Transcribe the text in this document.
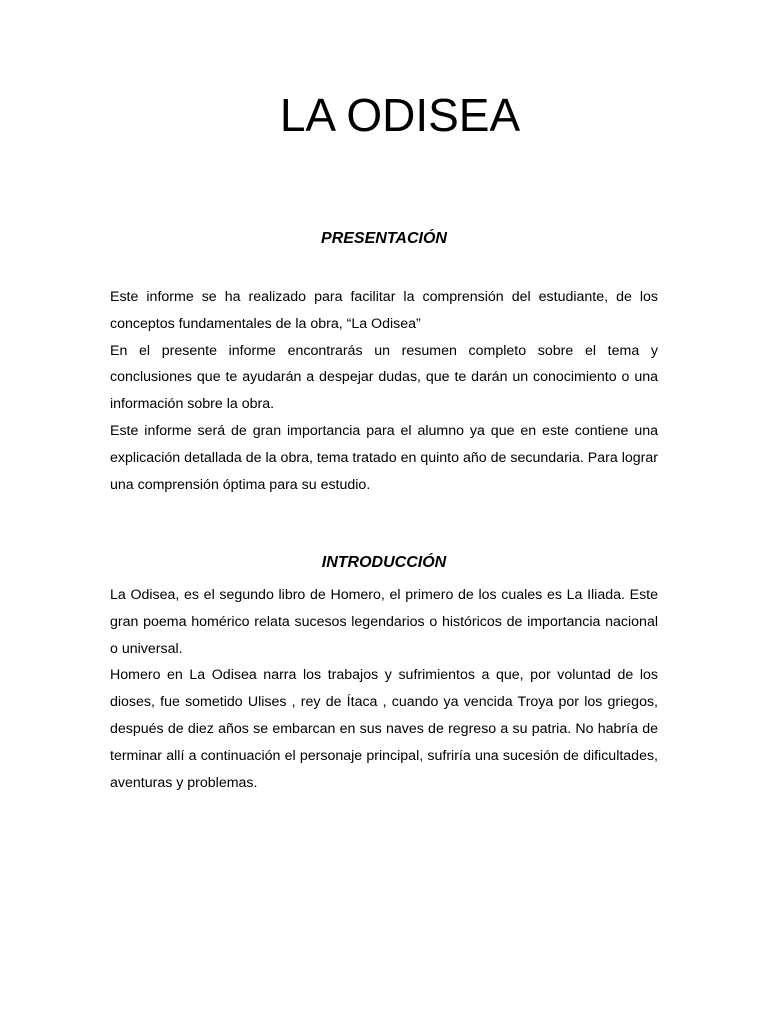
LA ODISEA
PRESENTACIÓN

Este informe se ha realizado para facilitar la comprensión del estudiante, de los conceptos fundamentales de la obra, “La Odisea”

En el presente informe encontrarás un resumen completo sobre el tema y conclusiones que te ayudarán a despejar dudas, que te darán un conocimiento o una información sobre la obra.

Este informe será de gran importancia para el alumno ya que en este contiene una explicación detallada de la obra, tema tratado en quinto año de secundaria. Para lograr una comprensión óptima para su estudio.

INTRODUCCIÓN

La Odisea, es el segundo libro de Homero, el primero de los cuales es La Iliada. Este gran poema homérico relata sucesos legendarios o históricos de importancia nacional o universal.

Homero en La Odisea narra los trabajos y sufrimientos a que, por voluntad de los dioses, fue sometido Ulises , rey de Ítaca , cuando ya vencida Troya por los griegos, después de diez años se embarcan en sus naves de regreso a su patria. No habría de terminar allí a continuación el personaje principal, sufriría una sucesión de dificultades, aventuras y problemas.
